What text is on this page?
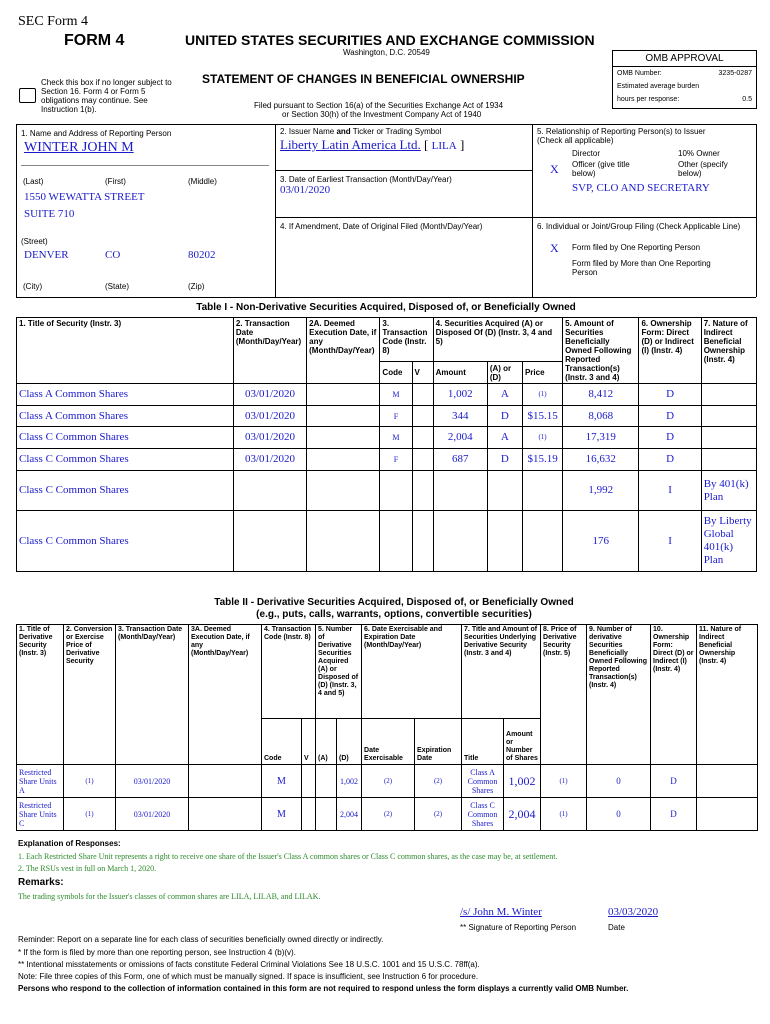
SEC Form 4
FORM 4	UNITED STATES SECURITIES AND EXCHANGE COMMISSION
Washington, D.C. 20549
Check this box if no longer subject to Section 16. Form 4 or Form 5 obligations may continue. See Instruction 1(b).
STATEMENT OF CHANGES IN BENEFICIAL OWNERSHIP
Filed pursuant to Section 16(a) of the Securities Exchange Act of 1934
or Section 30(h) of the Investment Company Act of 1940
OMB APPROVAL
OMB Number:	3235-0287
Estimated average burden
hours per response:	0.5
1. Name and Address of Reporting Person
WINTER JOHN M
(Last)	(First)	(Middle)
1550 WEWATTA STREET
SUITE 710
(Street)
DENVER	CO	80202
(City)	(State)	(Zip)
2. Issuer Name and Ticker or Trading Symbol
Liberty Latin America Ltd. [ LILA ]
3. Date of Earliest Transaction (Month/Day/Year)
03/01/2020
4. If Amendment, Date of Original Filed (Month/Day/Year)
5. Relationship of Reporting Person(s) to Issuer
(Check all applicable)
Director	10% Owner
X Officer (give title below)
Other (specify below)
SVP, CLO AND SECRETARY
6. Individual or Joint/Group Filing (Check Applicable Line)
X Form filed by One Reporting Person
Form filed by More than One Reporting Person
Table I - Non-Derivative Securities Acquired, Disposed of, or Beneficially Owned
1. Title of Security (Instr. 3)	2. Transaction Date (Month/Day/Year)	2A. Deemed Execution Date, if any (Month/Day/Year)	3. Transaction Code (Instr. 8)		4. Securities Acquired (A) or Disposed Of (D) (Instr. 3, 4 and 5)			5. Amount of Securities Beneficially Owned Following Reported Transaction(s) (Instr. 3 and 4)	6. Ownership Form: Direct (D) or Indirect (I) (Instr. 4)	7. Nature of Indirect Beneficial Ownership (Instr. 4)
			Code	V	Amount	(A) or (D)	Price			
Class A Common Shares	03/01/2020		M		1,002	A	(1)	8,412	D	
Class A Common Shares	03/01/2020		F		344	D	$15.15	8,068	D	
Class C Common Shares	03/01/2020		M		2,004	A	(1)	17,319	D	
Class C Common Shares	03/01/2020		F		687	D	$15.19	16,632	D	
Class C Common Shares								1,992	I	By 401(k) Plan
Class C Common Shares								176	I	By Liberty Global 401(k) Plan
Table II - Derivative Securities Acquired, Disposed of, or Beneficially Owned
(e.g., puts, calls, warrants, options, convertible securities)
1. Title of Derivative Security (Instr. 3)	2. Conversion or Exercise Price of Derivative Security	3. Transaction Date (Month/Day/Year)	3A. Deemed Execution Date, if any (Month/Day/Year)	4. Transaction Code (Instr. 8)		5. Number of Derivative Securities Acquired (A) or Disposed of (D) (Instr. 3, 4 and 5)		6. Date Exercisable and Expiration Date (Month/Day/Year)		7. Title and Amount of Securities Underlying Derivative Security (Instr. 3 and 4)		8. Price of Derivative Security (Instr. 5)	9. Number of derivative Securities Beneficially Owned Following Reported Transaction(s) (Instr. 4)	10. Ownership Form: Direct (D) or Indirect (I) (Instr. 4)	11. Nature of Indirect Beneficial Ownership (Instr. 4)
				Code	V	(A)	(D)	Date Exercisable	Expiration Date	Title	Amount or Number of Shares				
Restricted Share Units A	(1)	03/01/2020		M			1,002	(2)	(2)	Class A Common Shares	1,002	(1)	0	D	
Restricted Share Units C	(1)	03/01/2020		M			2,004	(2)	(2)	Class C Common Shares	2,004	(1)	0	D	
Explanation of Responses:
1. Each Restricted Share Unit represents a right to receive one share of the Issuer's Class A common shares or Class C common shares, as the case may be, at settlement.
2. The RSUs vest in full on March 1, 2020.
Remarks:
The trading symbols for the Issuer's classes of common shares are LILA, LILAB, and LILAK.
/s/ John M. Winter	03/03/2020
** Signature of Reporting Person	Date
Reminder: Report on a separate line for each class of securities beneficially owned directly or indirectly.
* If the form is filed by more than one reporting person, see Instruction 4 (b)(v).
** Intentional misstatements or omissions of facts constitute Federal Criminal Violations See 18 U.S.C. 1001 and 15 U.S.C. 78ff(a).
Note: File three copies of this Form, one of which must be manually signed. If space is insufficient, see Instruction 6 for procedure.
Persons who respond to the collection of information contained in this form are not required to respond unless the form displays a currently valid OMB Number.
